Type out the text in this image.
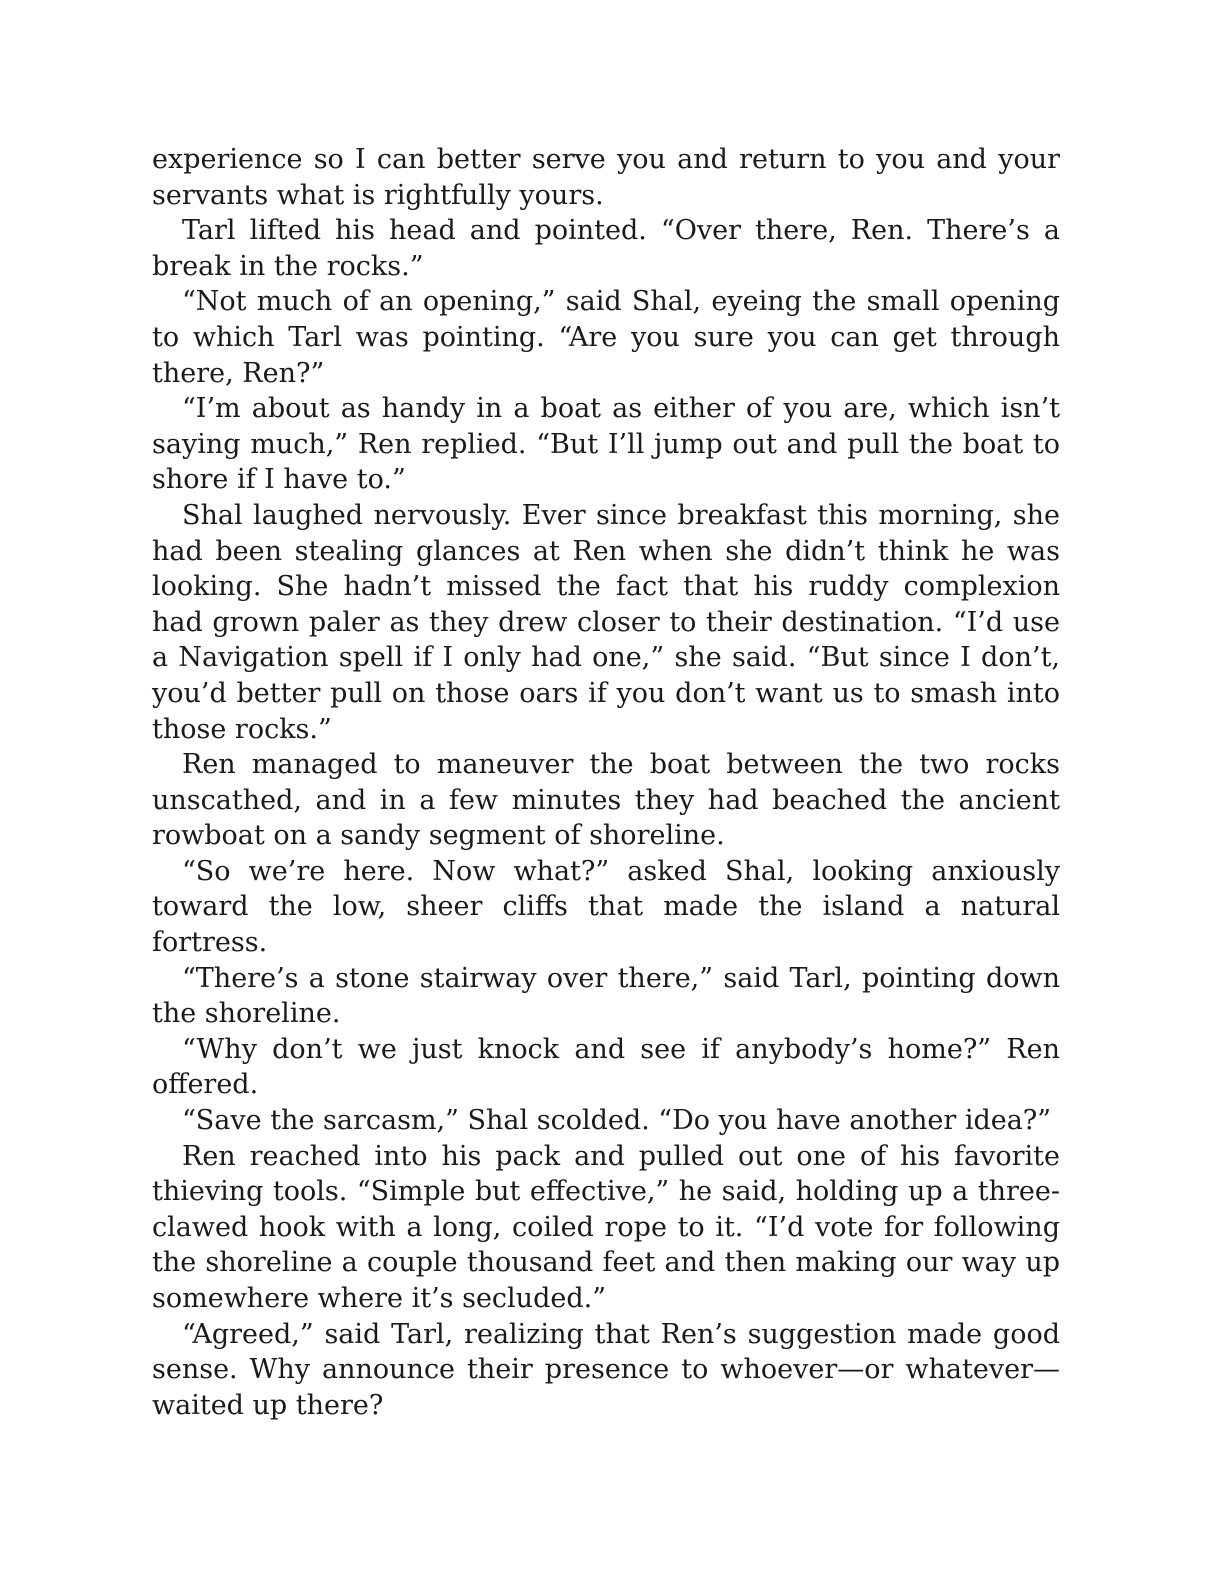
experience so I can better serve you and return to you and your servants what is rightfully yours.

Tarl lifted his head and pointed. “Over there, Ren. There’s a break in the rocks.”

“Not much of an opening,” said Shal, eyeing the small opening to which Tarl was pointing. “Are you sure you can get through there, Ren?”

“I’m about as handy in a boat as either of you are, which isn’t saying much,” Ren replied. “But I’ll jump out and pull the boat to shore if I have to.”

Shal laughed nervously. Ever since breakfast this morning, she had been stealing glances at Ren when she didn’t think he was looking. She hadn’t missed the fact that his ruddy complexion had grown paler as they drew closer to their destination. “I’d use a Navigation spell if I only had one,” she said. “But since I don’t, you’d better pull on those oars if you don’t want us to smash into those rocks.”

Ren managed to maneuver the boat between the two rocks unscathed, and in a few minutes they had beached the ancient rowboat on a sandy segment of shoreline.

“So we’re here. Now what?” asked Shal, looking anxiously toward the low, sheer cliffs that made the island a natural fortress.

“There’s a stone stairway over there,” said Tarl, pointing down the shoreline.

“Why don’t we just knock and see if anybody’s home?” Ren offered.

“Save the sarcasm,” Shal scolded. “Do you have another idea?”

Ren reached into his pack and pulled out one of his favorite thieving tools. “Simple but effective,” he said, holding up a three-clawed hook with a long, coiled rope to it. “I’d vote for following the shoreline a couple thousand feet and then making our way up somewhere where it’s secluded.”

“Agreed,” said Tarl, realizing that Ren’s suggestion made good sense. Why announce their presence to whoever—or whatever—waited up there?
